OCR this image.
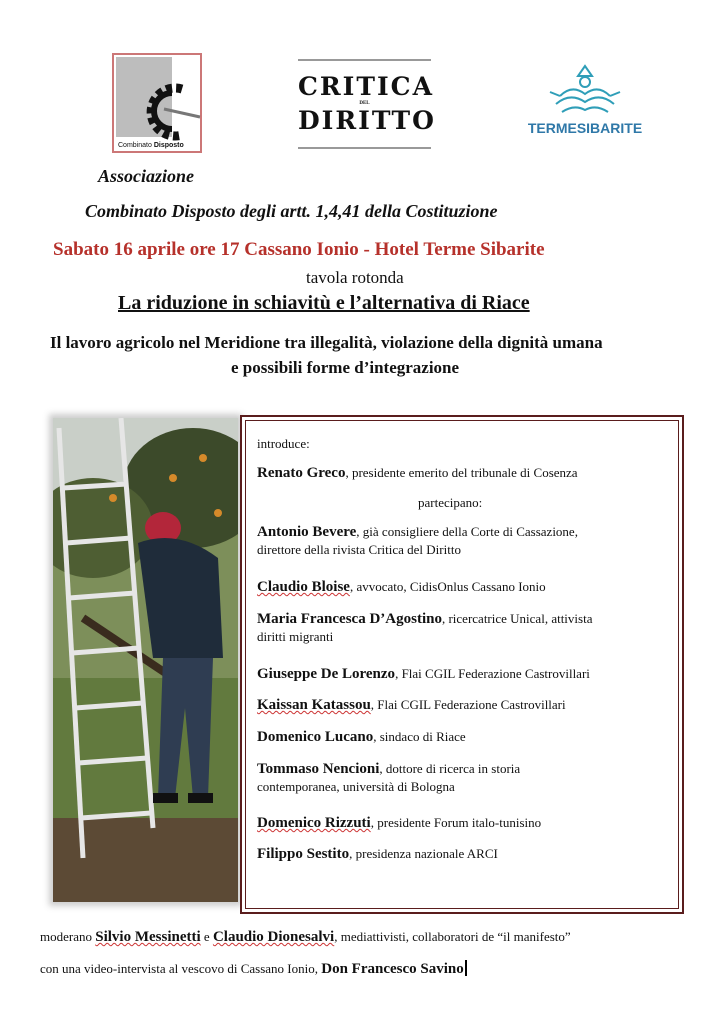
Combinato Disposto
CRITICA
DEL
DIRITTO	TERMESIBARITE
Associazione
Combinato Disposto degli artt. 1,4,41 della Costituzione
Sabato 16 aprile ore 17 Cassano Ionio - Hotel Terme Sibarite
tavola rotonda
La riduzione in schiavitù e l’alternativa di Riace
Il lavoro agricolo nel Meridione tra illegalità, violazione della dignità umana
e possibili forme d’integrazione
introduce:
Renato Greco, presidente emerito del tribunale di Cosenza
partecipano:
Antonio Bevere, già consigliere della Corte di Cassazione,
direttore della rivista Critica del Diritto
Claudio Bloise, avvocato, CidisOnlus Cassano Ionio
Maria Francesca D’Agostino, ricercatrice Unical, attivista
diritti migranti
Giuseppe De Lorenzo, Flai CGIL Federazione Castrovillari
Kaissan Katassou, Flai CGIL Federazione Castrovillari
Domenico Lucano, sindaco di Riace
Tommaso Nencioni, dottore di ricerca in storia
contemporanea, università di Bologna
Domenico Rizzuti, presidente Forum italo-tunisino
Filippo Sestito, presidenza nazionale ARCI
moderano Silvio Messinetti e Claudio Dionesalvi, mediattivisti, collaboratori de “il manifesto”
con una video-intervista al vescovo di Cassano Ionio, Don Francesco Savino
